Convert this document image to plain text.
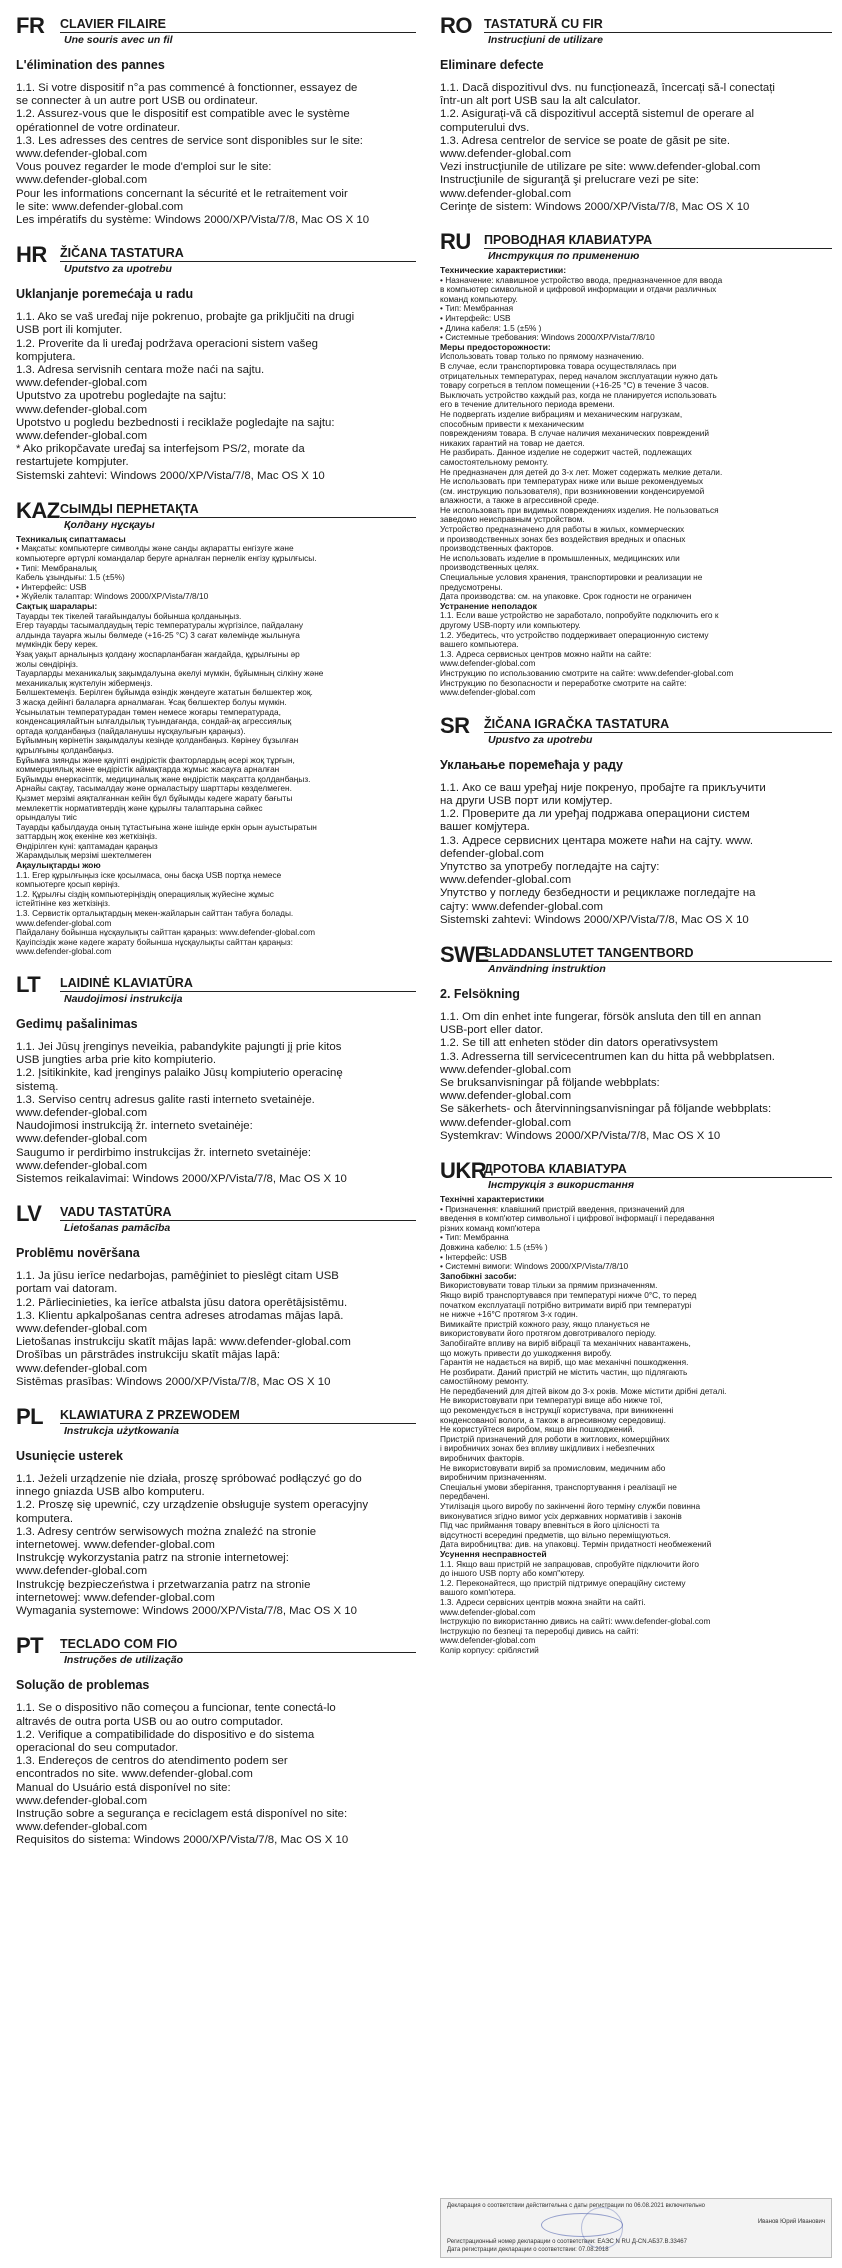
FR	CLAVIER FILAIRE
Une souris avec un fil
L'élimination des pannes

1.1. Si votre dispositif n°a pas commencé à fonctionner, essayez de

se connecter à un autre port USB ou ordinateur.

1.2. Assurez-vous que le dispositif est compatible avec le système

opérationnel de votre ordinateur.

1.3. Les adresses des centres de service sont disponibles sur le site:

www.defender-global.com

Vous pouvez regarder le mode d'emploi sur le site:

www.defender-global.com

Pour les informations concernant la sécurité et le retraitement voir

le site: www.defender-global.com

Les impératifs du système: Windows 2000/XP/Vista/7/8, Mac OS X 10

HR	ŽIČANA TASTATURA
Uputstvo za upotrebu
Uklanjanje poremećaja u radu

1.1. Ako se vaš uređaj nije pokrenuo, probajte ga priključiti na drugi

USB port ili komjuter.

1.2. Proverite da li uređaj podržava operacioni sistem vašeg

kompjutera.

1.3. Adresa servisnih centara može naći na sajtu.

www.defender-global.com

Uputstvo za upotrebu pogledajte na sajtu:

www.defender-global.com

Upotstvo u pogledu bezbednosti i reciklaže pogledajte na sajtu:

www.defender-global.com

* Ako prikopčavate uređaj sa interfejsom PS/2, morate da

restartujete kompjuter.

Sistemski zahtevi: Windows 2000/XP/Vista/7/8, Mac OS X 10

KAZ СЫМДЫ ПЕРНЕТАҚТА
Қолдану нұсқауы

Техникалық сипаттамасы

• Мақсаты: компьютерге символды және санды ақпаратты енгізуге және

компьютерге әртүрлі командалар беруге арналған пернелік енгізу құрылғысы.

• Типі: Мембраналық

Кабель ұзындығы: 1.5 (±5%)

• Интерфейс: USB

• Жүйелік талаптар: Windows 2000/XP/Vista/7/8/10

Сақтық шаралары:

Тауарды тек тікелей тағайындалуы бойынша қолданыңыз.

Егер тауарды тасымалдаудың теріс температуралы жүргізілсе, пайдалану

алдында тауарға жылы бөлмеде (+16-25 °С) 3 сағат көлемінде жылынуға

мүмкіндік беру керек.

Ұзақ уақыт арналыңыз қолдану жоспарланбаған жағдайда, құрылғыны әр

жолы сөндіріңіз.

Тауарларды механикалық зақымдалуына әкелуі мүмкін, бұйымның сілкіну және

механикалық жүктелуін жібермеңіз.

Бөлшектемеңіз. Берілген бұйымда өзіндік жөндеуге жататын бөлшектер жоқ.

3 жасқа дейінгі балаларға арналмаған. Ұсақ бөлшектер болуы мүмкін.

Ұсынылатын температурадан төмен немесе жоғары температурада,

конденсациялайтын ылғалдылық туындағанда, сондай-ақ агрессиялық

ортада қолданбаңыз (пайдаланушы нұсқаулығын қараңыз).

Бұйымның көрінетін зақымдалуы кезінде қолданбаңыз. Көрінеу бұзылған

құрылғыны қолданбаңыз.

Бұйымға зиянды және қауіпті өндірістік факторлардың әсері жоқ тұрғын,

коммерциялық және өндірістік аймақтарда жұмыс жасауға арналған

Бұйымды өнеркәсіптік, медициналық және өндірістік мақсатта қолданбаңыз.

Арнайы сақтау, тасымалдау және орналастыру шарттары көзделмеген.

Қызмет мерзімі аяқталғаннан кейін бұл бұйымды кәдеге жарату бағыты

мемлекеттік нормативтердің және құрылғы талаптарына сәйкес

орындалуы тиіс

Тауарды қабылдауда оның тұтастығына және ішінде еркін орын ауыстыратын

заттардың жоқ екеніне көз жеткізіңіз.

Өндірілген күні: қаптамадан қараңыз

Жарамдылық мерзімі шектелмеген

Ақаулықтарды жою

1.1. Егер құрылғыңыз іске қосылмаса, оны басқа USB портқа немесе

компьютерге қосып көріңіз.

1.2. Құрылғы сіздің компьютеріңіздің операциялық жүйесіне жұмыс

істейтініне көз жеткізіңіз.

1.3. Сервистік орталықтардың мекен-жайларын сайттан табуға болады.

www.defender-global.com

Пайдалану бойынша нұсқаулықты сайттан қараңыз: www.defender-global.com

Қауіпсіздік және кәдеге жарату бойынша нұсқаулықты сайттан қараңыз:

www.defender-global.com

LT	LAIDINĖ KLAVIATŪRA
Naudojimosi instrukcija
Gedimų pašalinimas

1.1. Jei Jūsų įrenginys neveikia, pabandykite pajungti jį prie kitos

USB jungties arba prie kito kompiuterio.

1.2. Įsitikinkite, kad įrenginys palaiko Jūsų kompiuterio operacinę

sistemą.

1.3. Serviso centrų adresus galite rasti interneto svetainėje.

www.defender-global.com

Naudojimosi instrukciją žr. interneto svetainėje:

www.defender-global.com

Saugumo ir perdirbimo instrukcijas žr. interneto svetainėje:

www.defender-global.com

Sistemos reikalavimai: Windows 2000/XP/Vista/7/8, Mac OS X 10

LV	VADU TASTATŪRA
Lietošanas pamācība
Problēmu novēršana

1.1. Ja jūsu ierīce nedarbojas, pamēģiniet to pieslēgt citam USB

portam vai datoram.

1.2. Pārliecinieties, ka ierīce atbalsta jūsu datora operētājsistēmu.

1.3. Klientu apkalpošanas centra adreses atrodamas mājas lapā.

www.defender-global.com

Lietošanas instrukciju skatīt mājas lapā: www.defender-global.com

Drošības un pārstrādes instrukciju skatīt mājas lapā:

www.defender-global.com

Sistēmas prasības: Windows 2000/XP/Vista/7/8, Mac OS X 10

PL	KLAWIATURA Z PRZEWODEM
Instrukcja użytkowania
Usunięcie usterek

1.1. Jeżeli urządzenie nie działa, proszę spróbować podłączyć go do

innego gniazda USB albo komputeru.

1.2. Proszę się upewnić, czy urządzenie obsługuje system operacyjny

komputera.

1.3. Adresy centrów serwisowych można znaleźć na stronie

internetowej. www.defender-global.com

Instrukcję wykorzystania patrz na stronie internetowej:

www.defender-global.com

Instrukcję bezpieczeństwa i przetwarzania patrz na stronie

internetowej: www.defender-global.com

Wymagania systemowe: Windows 2000/XP/Vista/7/8, Mac OS X 10

PT	TECLADO COM FIO
Instruções de utilização
Solução de problemas

1.1. Se o dispositivo não começou a funcionar, tente conectá-lo

altravés de outra porta USB ou ao outro computador.

1.2. Verifique a compatibilidade do dispositivo e do sistema

operacional do seu computador.

1.3. Endereços de centros do atendimento podem ser

encontrados no site. www.defender-global.com

Manual do Usuário está disponível no site:

www.defender-global.com

Instrução sobre a segurança e reciclagem está disponível no site:

www.defender-global.com

Requisitos do sistema: Windows 2000/XP/Vista/7/8, Mac OS X 10

RO TASTATURĂ CU FIR
Instrucţiuni de utilizare
Eliminare defecte

1.1. Dacă dispozitivul dvs. nu funcționează, încercați să-l conectați

într-un alt port USB sau la alt calculator.

1.2. Asigurați-vă că dispozitivul acceptă sistemul de operare al

computerului dvs.

1.3. Adresa centrelor de service se poate de găsit pe site.

www.defender-global.com

Vezi instrucţiunile de utilizare pe site: www.defender-global.com

Instrucţiunile de siguranţă şi prelucrare vezi pe site:

www.defender-global.com

Cerinţe de sistem: Windows 2000/XP/Vista/7/8, Mac OS X 10

RU	ПРОВОДНАЯ КЛАВИАТУРА
Инструкция по применению

Технические характеристики:

• Назначение: клавишное устройство ввода, предназначенное для ввода

в компьютер символьной и цифровой информации и отдачи различных

команд компьютеру.

• Тип: Мембранная

• Интерфейс: USB

• Длина кабеля: 1.5 (±5% )

• Системные требования: Windows 2000/XP/Vista/7/8/10

Меры предосторожности:

Использовать товар только по прямому назначению.

В случае, если транспортировка товара осуществлялась при

отрицательных температурах, перед началом эксплуатации нужно дать

товару согреться в теплом помещении (+16-25 °С) в течение 3 часов.

Выключать устройство каждый раз, когда не планируется использовать

его в течение длительного периода времени.

Не подвергать изделие вибрациям и механическим нагрузкам,

способным привести к механическим

повреждениям товара. В случае наличия механических повреждений

никаких гарантий на товар не дается.

Не разбирать. Данное изделие не содержит частей, подлежащих

самостоятельному ремонту.

Не предназначен для детей до 3-х лет. Может содержать мелкие детали.

Не использовать при температурах ниже или выше рекомендуемых

(см. инструкцию пользователя), при возникновении конденсируемой

влажности, а также в агрессивной среде.

Не использовать при видимых повреждениях изделия. Не пользоваться

заведомо неисправным устройством.

Устройство предназначено для работы в жилых, коммерческих

и производственных зонах без воздействия вредных и опасных

производственных факторов.

Не использовать изделие в промышленных, медицинских или

производственных целях.

Специальные условия хранения, транспортировки и реализации не

предусмотрены.

Дата производства: см. на упаковке. Срок годности не ограничен

Устранение неполадок

1.1. Если ваше устройство не заработало, попробуйте подключить его к

другому USB-порту или компьютеру.

1.2. Убедитесь, что устройство поддерживает операционную систему

вашего компьютера.

1.3. Адреса сервисных центров можно найти на сайте:

www.defender-global.com

Инструкцию по использованию смотрите на сайте: www.defender-global.com

Инструкцию по безопасности и переработке смотрите на сайте:

www.defender-global.com

SR	ŽIČANA IGRAČKA TASTATURA
Upustvo za upotrebu
Уклањање поремећаја у раду

1.1. Ако се ваш уређај није покренуо, пробајте га прикључити

на други USB порт или комјутер.

1.2. Проверите да ли уређај подржава операциони систем

вашег комјутера.

1.3. Адресе сервисних центара можете наћи на сајту. www.

defender-global.com

Упутство за употребу погледајте на сајту:

www.defender-global.com

Упутство у погледу безбедности и рециклаже погледајте на

сајту: www.defender-global.com

Sistemski zahtevi: Windows 2000/XP/Vista/7/8, Mac OS X 10

SWE
SLADDANSLUTET TANGENTBORD
Användning instruktion
2. Felsökning

1.1. Om din enhet inte fungerar, försök ansluta den till en annan

USB-port eller dator.

1.2. Se till att enheten stöder din dators operativsystem

1.3. Adresserna till servicecentrumen kan du hitta på webbplatsen.

www.defender-global.com

Se bruksanvisningar på följande webbplats:

www.defender-global.com

Se säkerhets- och återvinningsanvisningar på följande webbplats:

www.defender-global.com

Systemkrav: Windows 2000/XP/Vista/7/8, Mac OS X 10

UKR
ДРОТОВА КЛАВІАТУРА
Інструкція з використання

Технічні характеристики

• Призначення: клавішний пристрій введення, призначений для

введення в комп'ютер символьної і цифрової інформації і передавання

різних команд комп'ютера

• Тип: Мембранна

Довжина кабелю: 1.5 (±5% )

• Інтерфейс: USB

• Системні вимоги: Windows 2000/XP/Vista/7/8/10

Запобіжні засоби:

Використовувати товар тільки за прямим призначенням.

Якщо виріб транспортувався при температурі нижче 0°С, то перед

початком експлуатації потрібно витримати виріб при температурі

не нижче +16°С протягом 3-х годин.

Вимикайте пристрій кожного разу, якщо плануєтьcя не

використовувати його протягом довготривалого періоду.

Запобігайте впливу на виріб вібрації та механічних навантажень,

що можуть привести до ушкодження виробу.

Гарантія не надається на виріб, що має механічні пошкодження.

Не розбирати. Даний пристрій не містить частин, що підлягають

самостійному ремонту.

Не передбачений для дітей віком до 3-х років. Може містити дрібні деталі.

Не використовувати при температурі вище або нижче тої,

що рекомендується в інструкції користувача, при виникненні

конденсованої вологи, а також в агресивному середовищі.

Не користуйтеся виробом, якщо він пошкоджений.

Пристрій призначений для роботи в житлових, комерційних

і виробничих зонах без впливу шкідливих і небезпечних

виробничих факторів.

Не використовувати виріб за промисловим, медичним або

виробничим призначенням.

Спеціальні умови зберігання, транспортування і реалізації не

передбачені.

Утилізація цього виробу по закінченні його терміну служби повинна

виконуватися згідно вимог усіх державних нормативів і законів

Під час приймання товару впевніться в його цілісності та

відсутності всередині предметів, що вільно переміщуються.

Дата виробництва: див. на упаковці. Термін придатності необмежений

Усунення несправностей

1.1. Якщо ваш пристрій не запрацював, спробуйте підключити його

до іншого USB порту або комп"ютеру.

1.2. Переконайтеся, що пристрій підтримує операційну систему

вашого комп'ютера.

1.3. Адреси сервісних центрів можна знайти на сайті.

www.defender-global.com

Інструкцію по використанню дивись на сайті: www.defender-global.com

Інструкцію по безпеці та переробці дивись на сайті:

www.defender-global.com

Колір корпусу: сріблястий

Декларация о соответствии действительна с даты регистрации по 06.08.2021 включительно
Иванов Юрий Иванович
Регистрационный номер декларации о соответствии: ЕАЭС N RU Д-CN.АБ37.В.33467
Дата регистрации декларации о соответствии: 07.08.2018
